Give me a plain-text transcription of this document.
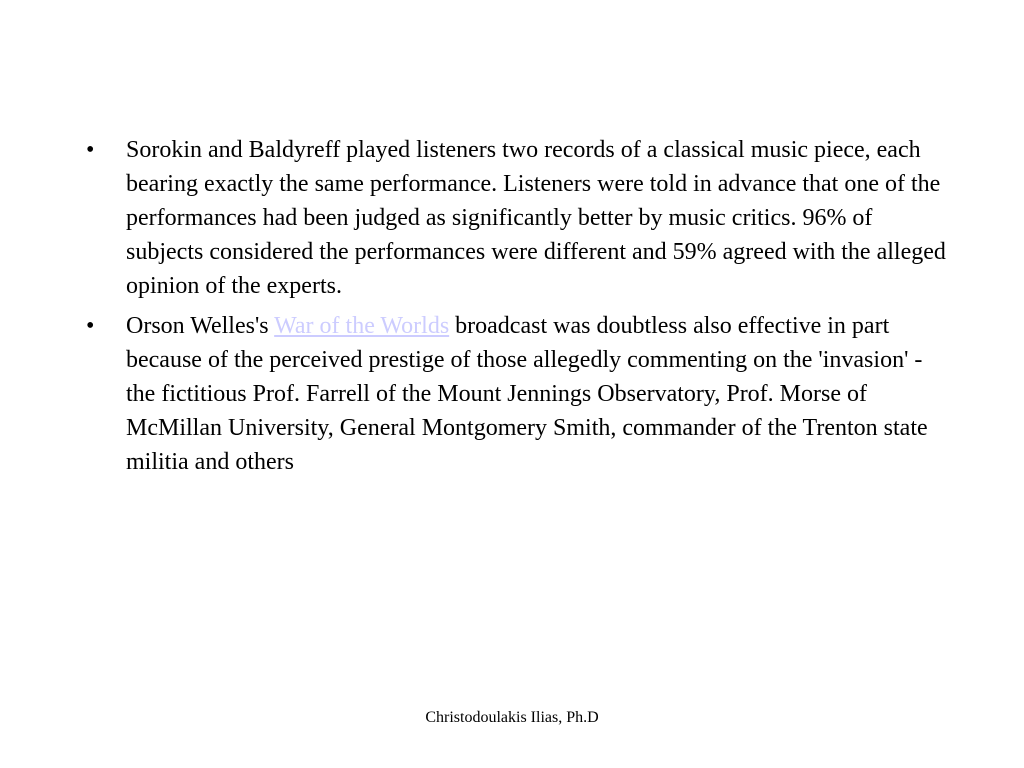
•	Sorokin and Baldyreff played listeners two records of a classical music piece, each bearing exactly the same performance. Listeners were told in advance that one of the performances had been judged as significantly better by music critics. 96% of subjects considered the performances were different and 59% agreed with the alleged opinion of the experts.
•	Orson Welles's War of the Worlds broadcast was doubtless also effective in part because of the perceived prestige of those allegedly commenting on the 'invasion' - the fictitious Prof. Farrell of the Mount Jennings Observatory, Prof. Morse of McMillan University, General Montgomery Smith, commander of the Trenton state militia and others
Christodoulakis Ilias, Ph.D
